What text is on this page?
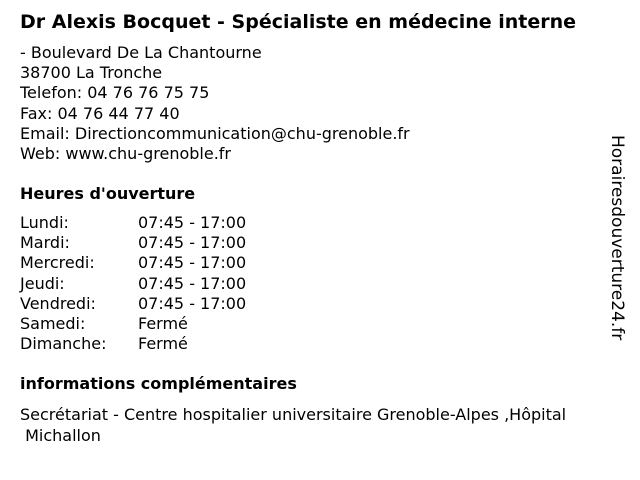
Dr Alexis Bocquet - Spécialiste en médecine interne
- Boulevard De La Chantourne
38700 La Tronche
Telefon: 04 76 76 75 75
Fax: 04 76 44 77 40
Email: Directioncommunication@chu-grenoble.fr
Web: www.chu-grenoble.fr
Heures d'ouverture
Lundi:	07:45 - 17:00
Mardi:	07:45 - 17:00
Mercredi:	07:45 - 17:00
Jeudi:	07:45 - 17:00
Vendredi:	07:45 - 17:00
Samedi:	Fermé
Dimanche: Fermé
informations complémentaires
Secrétariat - Centre hospitalier universitaire Grenoble-Alpes ,Hôpital
Michallon
Horairesdouverture24.fr
